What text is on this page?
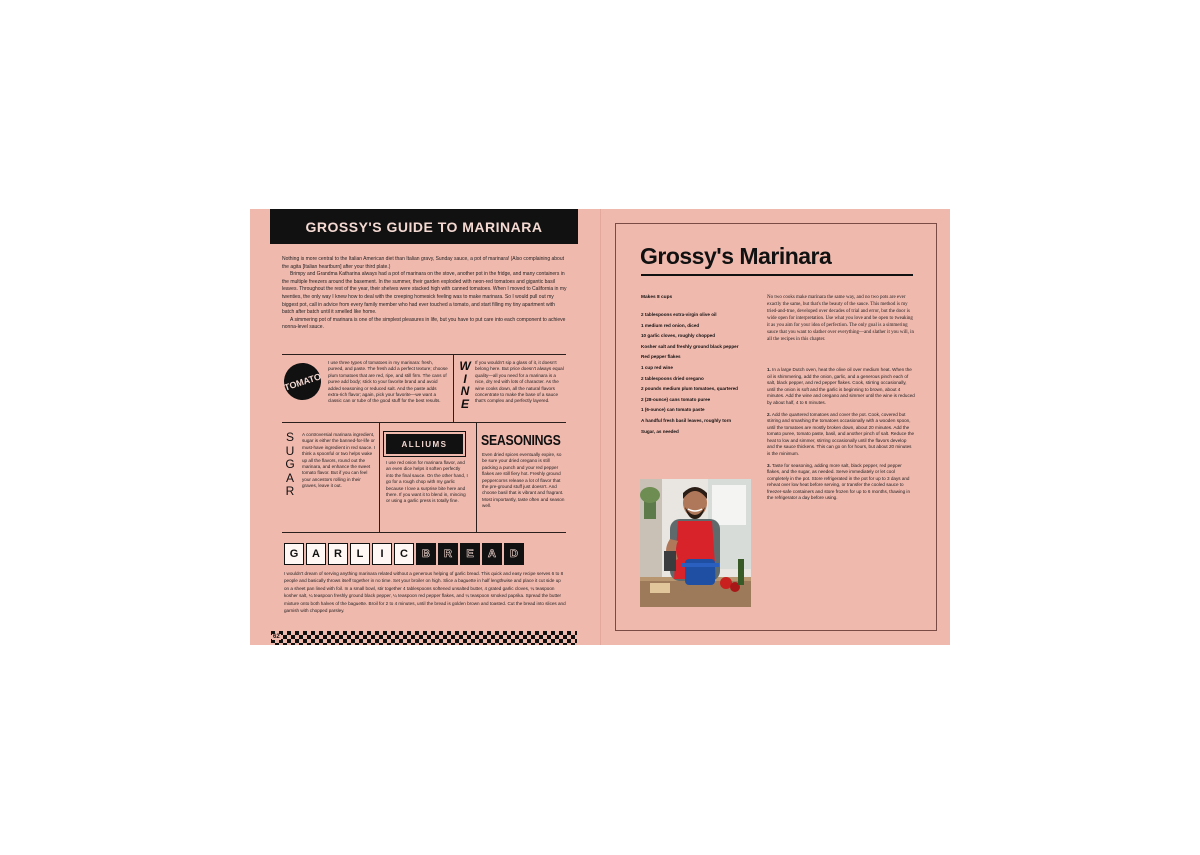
GROSSY'S GUIDE TO MARINARA

Nothing is more central to the Italian American diet than Italian gravy, Sunday sauce, a pot of marinara! (Also complaining about the agita [Italian heartburn] after your third plate.)

Brimpy and Grandma Katharina always had a pot of marinara on the stove, another pot in the fridge, and many containers in the multiple freezers around the basement. In the summer, their garden exploded with neon-red tomatoes and gigantic basil leaves. Throughout the rest of the year, their shelves were stacked high with canned tomatoes. When I moved to California in my twenties, the only way I knew how to deal with the creeping homesick feeling was to make marinara. So I would pull out my biggest pot, call in advice from every family member who had ever touched a tomato, and start filling my tiny apartment with batch after batch until it smelled like home.

A simmering pot of marinara is one of the simplest pleasures in life, but you have to put care into each component to achieve nonna-level sauce.

TOMATO

I use three types of tomatoes in my marinara: fresh, pureed, and paste. The fresh add a perfect texture; choose plum tomatoes that are red, ripe, and still firm. The cans of puree add body; stick to your favorite brand and avoid added seasoning or reduced salt. And the paste adds extra-rich flavor; again, pick your favorite—we want a classic can or tube of the good stuff for the best results.

W
I
N
E

If you wouldn't sip a glass of it, it doesn't belong here. But price doesn't always equal quality—all you need for a marinara is a nice, dry red with lots of character. As the wine cooks down, all the natural flavors concentrate to make the base of a sauce that's complex and perfectly layered.

S
U
G
A
R

A controversial marinara ingredient, sugar is either the banned-for-life or must-have ingredient in red sauce. I think a spoonful or two helps wake up all the flavors, round out the marinara, and enhance the sweet tomato flavor. But if you can feel your ancestors rolling in their graves, leave it out.

ALLIUMS

I use red onion for marinara flavor, and an even dice helps it soften perfectly into the final sauce. On the other hand, I go for a rough chop with my garlic because I love a surprise bite here and there. If you want it to blend in, mincing or using a garlic press is totally fine.

SEASONINGS

Even dried spices eventually expire, so be sure your dried oregano is still packing a punch and your red pepper flakes are still fiery hot. Freshly ground peppercorns release a lot of flavor that the pre-ground stuff just doesn't. And choose basil that is vibrant and fragrant. Most importantly, taste often and season well.

G	A	R	L	I	C	B	R	E	A	D

I wouldn't dream of serving anything marinara related without a generous helping of garlic bread. This quick and easy recipe serves 6 to 8 people and basically throws itself together in no time. Set your broiler on high. Slice a baguette in half lengthwise and place it cut side up on a sheet pan lined with foil. In a small bowl, stir together 4 tablespoons softened unsalted butter, 4 grated garlic cloves, ¼ teaspoon kosher salt, ¼ teaspoon freshly ground black pepper, ¼ teaspoon red pepper flakes, and ¼ teaspoon smoked paprika. Spread the butter mixture onto both halves of the baguette. Broil for 2 to 4 minutes, until the bread is golden brown and toasted. Cut the bread into slices and garnish with chopped parsley.

62
Grossy's Marinara

Makes 8 cups

2 tablespoons extra-virgin olive oil
1 medium red onion, diced
10 garlic cloves, roughly chopped
Kosher salt and freshly ground black pepper
Red pepper flakes
1 cup red wine
2 tablespoons dried oregano
2 pounds medium plum tomatoes, quartered
2 (28-ounce) cans tomato puree
1 (6-ounce) can tomato paste
A handful fresh basil leaves, roughly torn
Sugar, as needed

No two cooks make marinara the same way, and no two pots are ever exactly the same, but that's the beauty of the sauce. This method is my tried-and-true, developed over decades of trial and error, but the door is wide open for interpretation. Use what you love and be open to tweaking it as you aim for your idea of perfection. The only goal is a simmering sauce that you want to slather over everything—and slather it you will, in all the recipes in this chapter.

1. In a large Dutch oven, heat the olive oil over medium heat. When the oil is shimmering, add the onion, garlic, and a generous pinch each of salt, black pepper, and red pepper flakes. Cook, stirring occasionally, until the onion is soft and the garlic is beginning to brown, about 4 minutes. Add the wine and oregano and simmer until the wine is reduced by about half, 4 to 6 minutes.
2. Add the quartered tomatoes and cover the pot. Cook, covered but stirring and smashing the tomatoes occasionally with a wooden spoon, until the tomatoes are mostly broken down, about 20 minutes. Add the tomato puree, tomato paste, basil, and another pinch of salt. Reduce the heat to low and simmer, stirring occasionally until the flavors develop and the sauce thickens. This can go on for hours, but about 20 minutes is the minimum.
3. Taste for seasoning, adding more salt, black pepper, red pepper flakes, and the sugar, as needed. Serve immediately or let cool completely in the pot. Store refrigerated in the pot for up to 3 days and reheat over low heat before serving, or transfer the cooled sauce to freezer-safe containers and store frozen for up to 6 months, thawing in the refrigerator a day before using.
